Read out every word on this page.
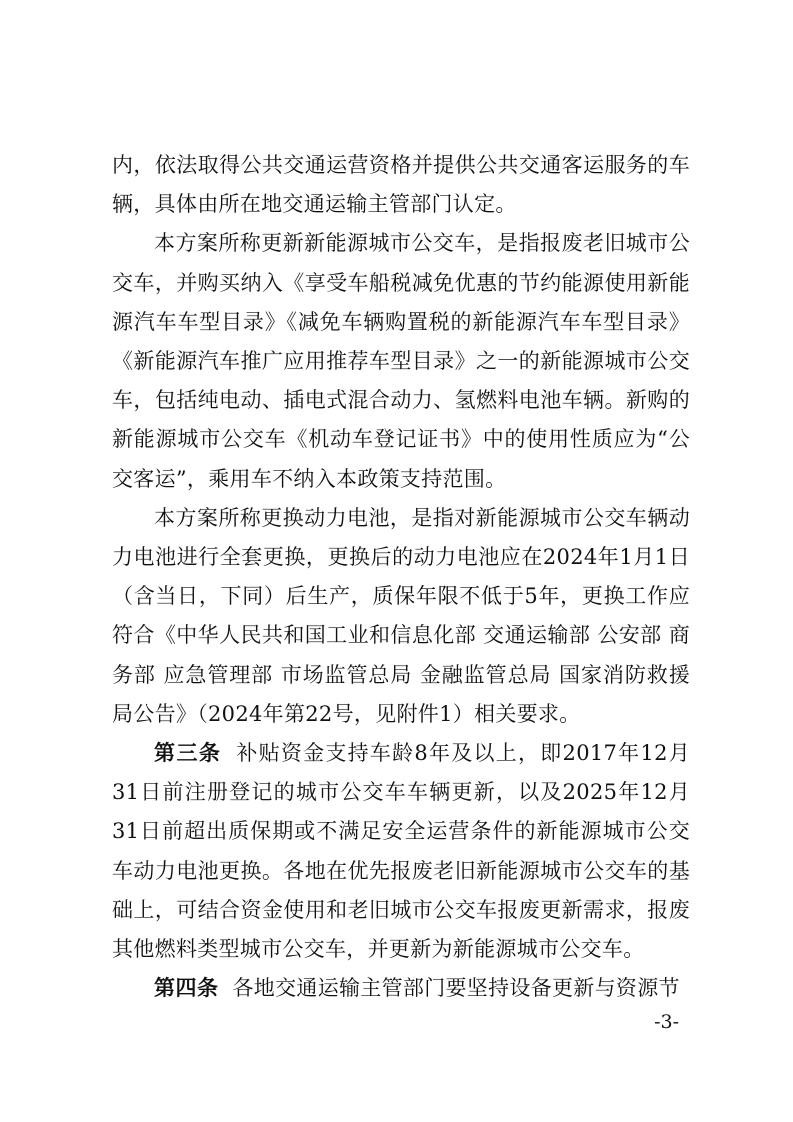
内，依法取得公共交通运营资格并提供公共交通客运服务的车辆，具体由所在地交通运输主管部门认定。

本方案所称更新新能源城市公交车，是指报废老旧城市公交车，并购买纳入《享受车船税减免优惠的节约能源使用新能源汽车车型目录》《减免车辆购置税的新能源汽车车型目录》《新能源汽车推广应用推荐车型目录》之一的新能源城市公交车，包括纯电动、插电式混合动力、氢燃料电池车辆。新购的新能源城市公交车《机动车登记证书》中的使用性质应为“公交客运”，乘用车不纳入本政策支持范围。

本方案所称更换动力电池，是指对新能源城市公交车辆动力电池进行全套更换，更换后的动力电池应在2024年1月1日（含当日，下同）后生产，质保年限不低于5年，更换工作应符合《中华人民共和国工业和信息化部 交通运输部 公安部 商务部 应急管理部 市场监管总局 金融监管总局 国家消防救援局公告》（2024年第22号，见附件1）相关要求。

第三条 补贴资金支持车龄8年及以上，即2017年12月31日前注册登记的城市公交车车辆更新，以及2025年12月31日前超出质保期或不满足安全运营条件的新能源城市公交车动力电池更换。各地在优先报废老旧新能源城市公交车的基础上，可结合资金使用和老旧城市公交车报废更新需求，报废其他燃料类型城市公交车，并更新为新能源城市公交车。

第四条 各地交通运输主管部门要坚持设备更新与资源节

-3-
